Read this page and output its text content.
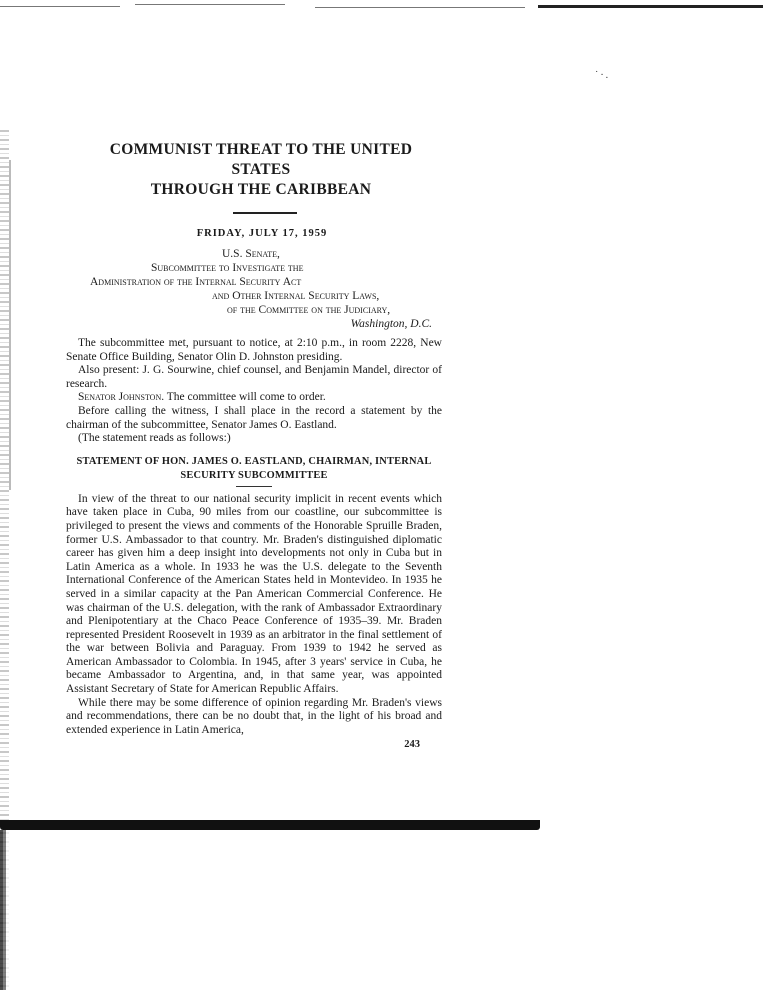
˙·.
COMMUNIST THREAT TO THE UNITED STATES
THROUGH THE CARIBBEAN
FRIDAY, JULY 17, 1959
U.S. Senate,
Subcommittee to Investigate the
Administration of the Internal Security Act
and Other Internal Security Laws,
of the Committee on the Judiciary,
Washington, D.C.

The subcommittee met, pursuant to notice, at 2:10 p.m., in room 2228, New Senate Office Building, Senator Olin D. Johnston presiding.

Also present: J. G. Sourwine, chief counsel, and Benjamin Mandel, director of research.

Senator Johnston. The committee will come to order.

Before calling the witness, I shall place in the record a statement by the chairman of the subcommittee, Senator James O. Eastland.

(The statement reads as follows:)

STATEMENT OF HON. JAMES O. EASTLAND, CHAIRMAN, INTERNAL
SECURITY SUBCOMMITTEE

In view of the threat to our national security implicit in recent events which have taken place in Cuba, 90 miles from our coastline, our subcommittee is privileged to present the views and comments of the Honorable Spruille Braden, former U.S. Ambassador to that country. Mr. Braden's distinguished diplomatic career has given him a deep insight into developments not only in Cuba but in Latin America as a whole. In 1933 he was the U.S. delegate to the Seventh International Conference of the American States held in Montevideo. In 1935 he served in a similar capacity at the Pan American Commercial Conference. He was chairman of the U.S. delegation, with the rank of Ambassador Extraordinary and Plenipotentiary at the Chaco Peace Conference of 1935–39. Mr. Braden represented President Roosevelt in 1939 as an arbitrator in the final settlement of the war between Bolivia and Paraguay. From 1939 to 1942 he served as American Ambassador to Colombia. In 1945, after 3 years' service in Cuba, he became Ambassador to Argentina, and, in that same year, was appointed Assistant Secretary of State for American Republic Affairs.

While there may be some difference of opinion regarding Mr. Braden's views and recommendations, there can be no doubt that, in the light of his broad and extended experience in Latin America,

243
